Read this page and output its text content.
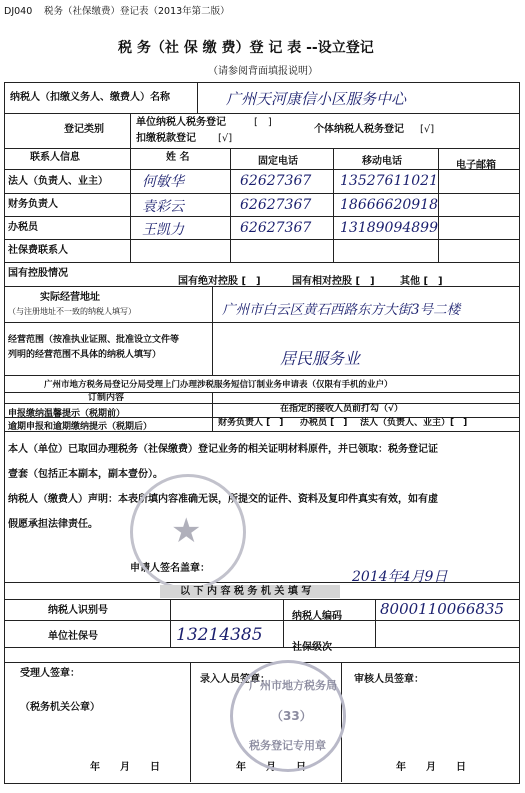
DJ040 税务（社保缴费）登记表（2013年第二版）
税 务（社 保 缴 费）登 记 表 --设立登记
（请参阅背面填报说明）
纳税人（扣缴义务人、缴费人）名称	广州天河康信小区服务中心
登记类别
单位纳税人税务登记	[　]
个体纳税人税务登记 [√]
扣缴税款登记 [√]
联系人信息	姓 名	固定电话	移动电话	电子邮箱
法人（负责人、业主） 何敏华	62627367 13527611021
财务负责人	袁彩云	62627367 18666620918
办税员	王凯力	62627367 13189094899
社保费联系人
国有控股情况
国有绝对控股 [　]	国有相对控股 [　]	其他 [　]
实际经营地址
（与注册地址不一致的纳税人填写）	广州市白云区黄石西路东方大街3号二楼
经营范围（按准执业证照、批准设立文件等
列明的经营范围不具体的纳税人填写）	居民服务业
广州市地方税务局登记分局受理上门办理涉税服务短信订制业务申请表（仅限有手机的业户）
订制内容
在指定的接收人员前打勾（√）
申报缴纳温馨提示（税期前）
逾期申报和逾期缴纳提示（税期后）	财务负责人 [　] 办税员 [　] 法人（负责人、业主）[　]
本人（单位）已取回办理税务（社保缴费）登记业务的相关证明材料原件，并已领取：税务登记证
壹套（包括正本副本，副本壹份）。
纳税人（缴费人）声明：本表所填内容准确无误，所提交的证件、资料及复印件真实有效，如有虚
假愿承担法律责任。
申请人签名盖章：
2014年4月9日
★
以 下 内 容 税 务 机 关 填 写
纳税人识别号
纳税人编码	8000110066835
单位社保号	13214385
社保级次
受理人签章：
（税务机关公章）
录入人员签章：	审核人员签章：
年　　月　　日	年　　月　　日	年　　月　　日
广州市地方税务局
（33）
税务登记专用章
